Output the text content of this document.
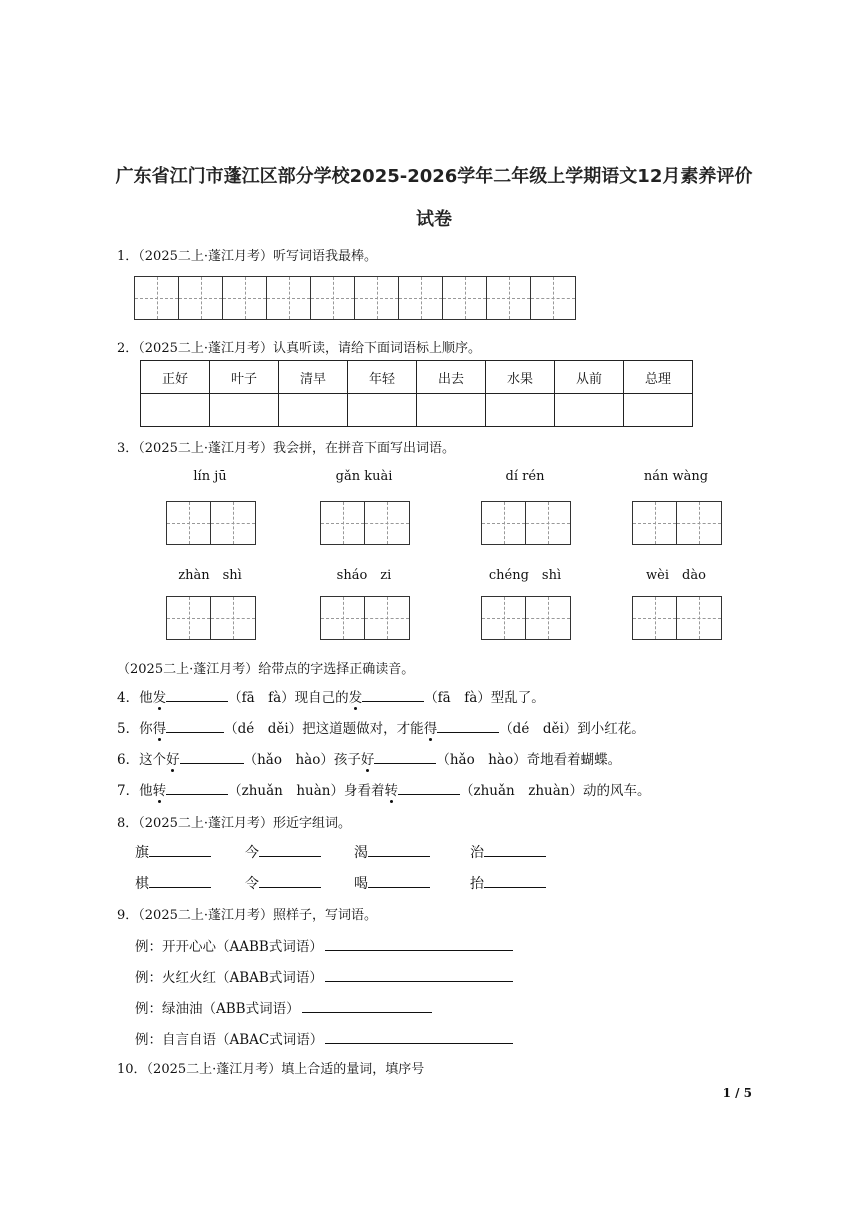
广东省江门市蓬江区部分学校2025-2026学年二年级上学期语文12月素养评价
试卷
1．（2025二上·蓬江月考）听写词语我最棒。
2．（2025二上·蓬江月考）认真听读，请给下面词语标上顺序。
正好	叶子	清早	年轻	出去	水果	从前	总理

3．（2025二上·蓬江月考）我会拼，在拼音下面写出词语。
lín jū	gǎn kuài	dí rén	nán wàng
zhàn　shì	sháo　zi	chéng　shì	wèi　dào
（2025二上·蓬江月考）给带点的字选择正确读音。
4．他发	（fā　fà）现自己的发	（fā　fà）型乱了。
5．你得	（dé　děi）把这道题做对，才能得	（dé　děi）到小红花。
6．这个好	（hǎo　hào）孩子好	（hǎo　hào）奇地看着蝴蝶。
7．他转	（zhuǎn　huàn）身看着转	（zhuǎn　zhuàn）动的风车。
8．（2025二上·蓬江月考）形近字组词。
旗	今	渴	治
棋	令	喝	抬
9．（2025二上·蓬江月考）照样子，写词语。
例：开开心心（AABB式词语）
例：火红火红（ABAB式词语）
例：绿油油（ABB式词语）
例：自言自语（ABAC式词语）
10．（2025二上·蓬江月考）填上合适的量词，填序号
1 / 5
